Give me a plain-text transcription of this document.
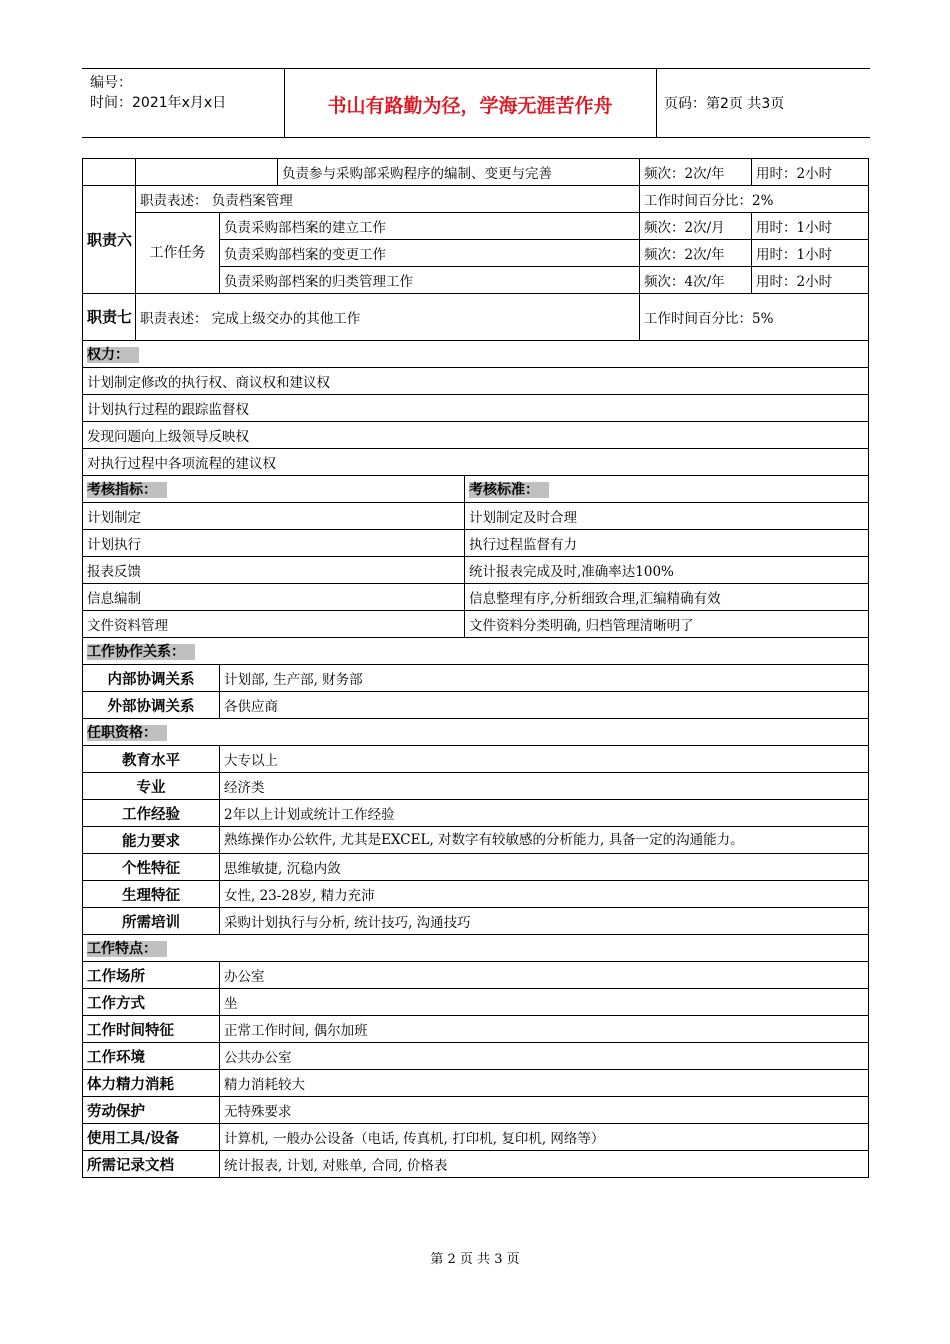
编号：
时间：2021年x月x日	书山有路勤为径，学海无涯苦作舟	页码：第2页 共3页
			负责参与采购部采购程序的编制、变更与完善		频次：2次/年	用时：2小时
职责六	职责表述： 负责档案管理				工作时间百分比：2%	
	工作任务	负责采购部档案的建立工作			频次：2次/月	用时：1小时
		负责采购部档案的变更工作			频次：2次/年	用时：1小时
		负责采购部档案的归类管理工作			频次：4次/年	用时：2小时
职责七	职责表述： 完成上级交办的其他工作				工作时间百分比：5%	
权力：						
计划制定修改的执行权、商议权和建议权						
计划执行过程的跟踪监督权						
发现问题向上级领导反映权						
对执行过程中各项流程的建议权						
考核指标：				考核标准：		
计划制定				计划制定及时合理		
计划执行				执行过程监督有力		
报表反馈				统计报表完成及时,准确率达100%		
信息编制				信息整理有序,分析细致合理,汇编精确有效		
文件资料管理				文件资料分类明确, 归档管理清晰明了		
工作协作关系：						
内部协调关系		计划部, 生产部, 财务部				
外部协调关系		各供应商				
任职资格：						
教育水平		大专以上				
专业		经济类				
工作经验		2年以上计划或统计工作经验				
能力要求		熟练操作办公软件, 尤其是EXCEL, 对数字有较敏感的分析能力, 具备一定的沟通能力。				
个性特征		思维敏捷, 沉稳内敛				
生理特征		女性, 23-28岁, 精力充沛				
所需培训		采购计划执行与分析, 统计技巧, 沟通技巧				
工作特点：						
工作场所		办公室				
工作方式		坐				
工作时间特征		正常工作时间, 偶尔加班				
工作环境		公共办公室				
体力精力消耗		精力消耗较大				
劳动保护		无特殊要求				
使用工具/设备		计算机, 一般办公设备（电话, 传真机, 打印机, 复印机, 网络等）				
所需记录文档		统计报表, 计划, 对账单, 合同, 价格表				
第 2 页 共 3 页
